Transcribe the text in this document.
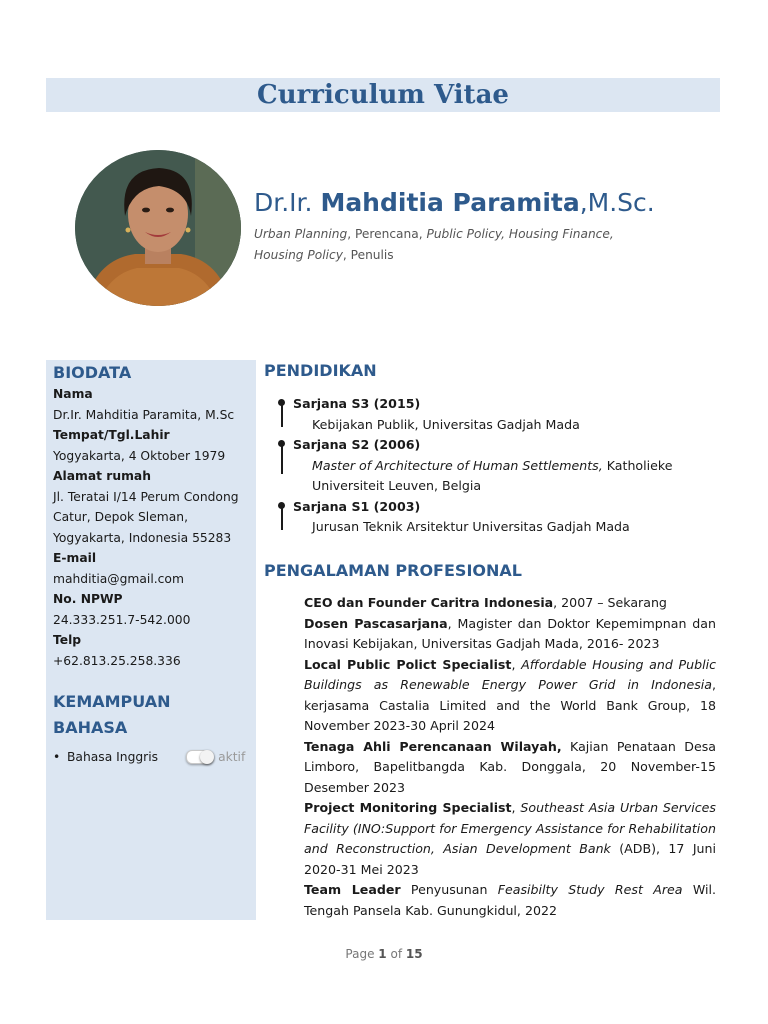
Curriculum Vitae
Dr.Ir. Mahditia Paramita,M.Sc.
Urban Planning, Perencana, Public Policy, Housing Finance, Housing Policy, Penulis
BIODATA
Nama
Dr.Ir. Mahditia Paramita, M.Sc
Tempat/Tgl.Lahir
Yogyakarta, 4 Oktober 1979
Alamat rumah
Jl. Teratai I/14 Perum Condong Catur, Depok Sleman, Yogyakarta, Indonesia 55283
E-mail
mahditia@gmail.com
No. NPWP
24.333.251.7-542.000
Telp
+62.813.25.258.336
KEMAMPUAN
BAHASA
• Bahasa Inggris	aktif
PENDIDIKAN
Sarjana S3 (2015)
Kebijakan Publik, Universitas Gadjah Mada
Sarjana S2 (2006)
Master of Architecture of Human Settlements, Katholieke Universiteit Leuven, Belgia
Sarjana S1 (2003)
Jurusan Teknik Arsitektur Universitas Gadjah Mada
PENGALAMAN PROFESIONAL
CEO dan Founder Caritra Indonesia, 2007 – Sekarang
Dosen Pascasarjana, Magister dan Doktor Kepemimpnan dan Inovasi Kebijakan, Universitas Gadjah Mada, 2016- 2023
Local Public Polict Specialist, Affordable Housing and Public Buildings as Renewable Energy Power Grid in Indonesia, kerjasama Castalia Limited and the World Bank Group, 18 November 2023-30 April 2024
Tenaga Ahli Perencanaan Wilayah, Kajian Penataan Desa Limboro, Bapelitbangda Kab. Donggala, 20 November-15 Desember 2023
Project Monitoring Specialist, Southeast Asia Urban Services Facility (INO:Support for Emergency Assistance for Rehabilitation and Reconstruction, Asian Development Bank (ADB), 17 Juni 2020-31 Mei 2023
Team Leader Penyusunan Feasibilty Study Rest Area Wil. Tengah Pansela Kab. Gunungkidul, 2022
Page 1 of 15
